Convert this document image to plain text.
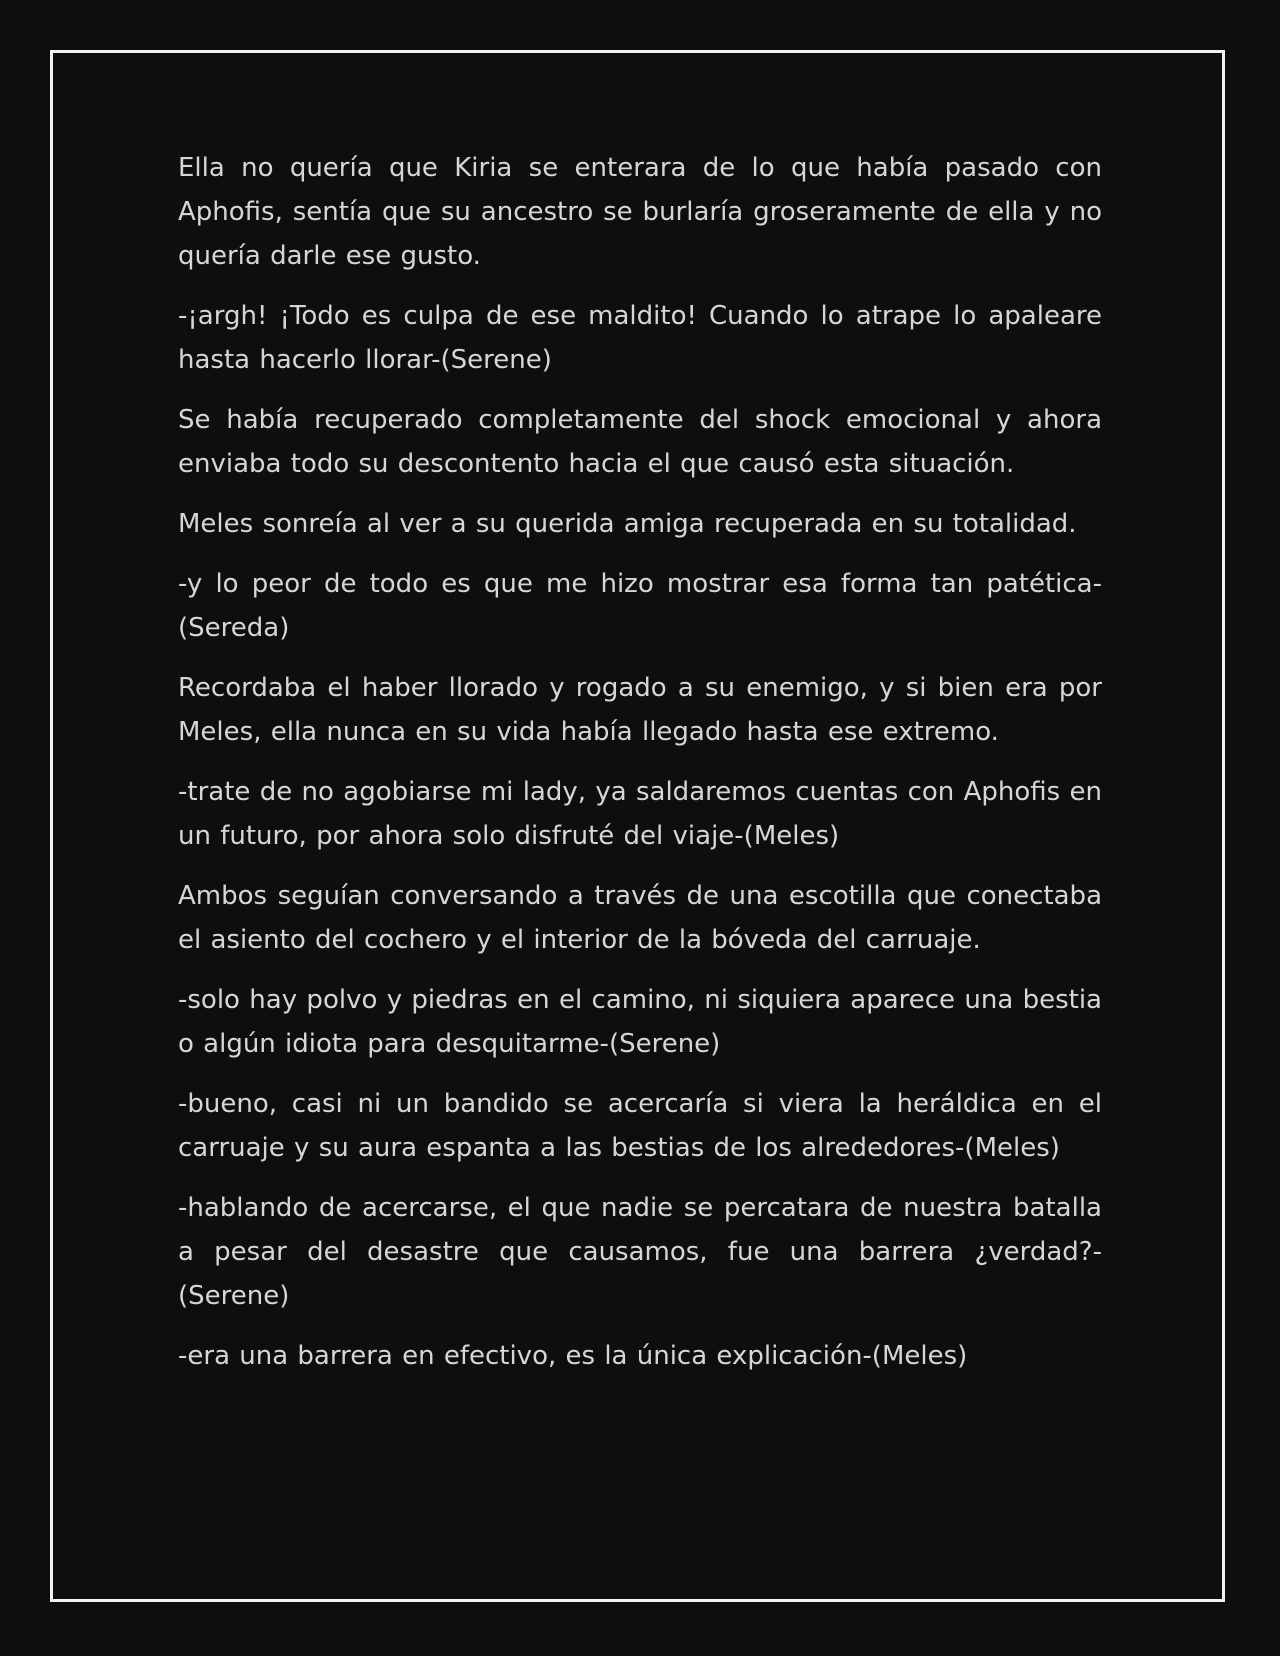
Ella no quería que Kiria se enterara de lo que había pasado con Aphofis, sentía que su ancestro se burlaría groseramente de ella y no quería darle ese gusto.

-¡argh! ¡Todo es culpa de ese maldito! Cuando lo atrape lo apaleare hasta hacerlo llorar-(Serene)

Se había recuperado completamente del shock emocional y ahora enviaba todo su descontento hacia el que causó esta situación.

Meles sonreía al ver a su querida amiga recuperada en su totalidad.

-y lo peor de todo es que me hizo mostrar esa forma tan patética-(Sereda)

Recordaba el haber llorado y rogado a su enemigo, y si bien era por Meles, ella nunca en su vida había llegado hasta ese extremo.

-trate de no agobiarse mi lady, ya saldaremos cuentas con Aphofis en un futuro, por ahora solo disfruté del viaje-(Meles)

Ambos seguían conversando a través de una escotilla que conectaba el asiento del cochero y el interior de la bóveda del carruaje.

-solo hay polvo y piedras en el camino, ni siquiera aparece una bestia o algún idiota para desquitarme-(Serene)

-bueno, casi ni un bandido se acercaría si viera la heráldica en el carruaje y su aura espanta a las bestias de los alrededores-(Meles)

-hablando de acercarse, el que nadie se percatara de nuestra batalla a pesar del desastre que causamos, fue una barrera ¿verdad?-(Serene)

-era una barrera en efectivo, es la única explicación-(Meles)
